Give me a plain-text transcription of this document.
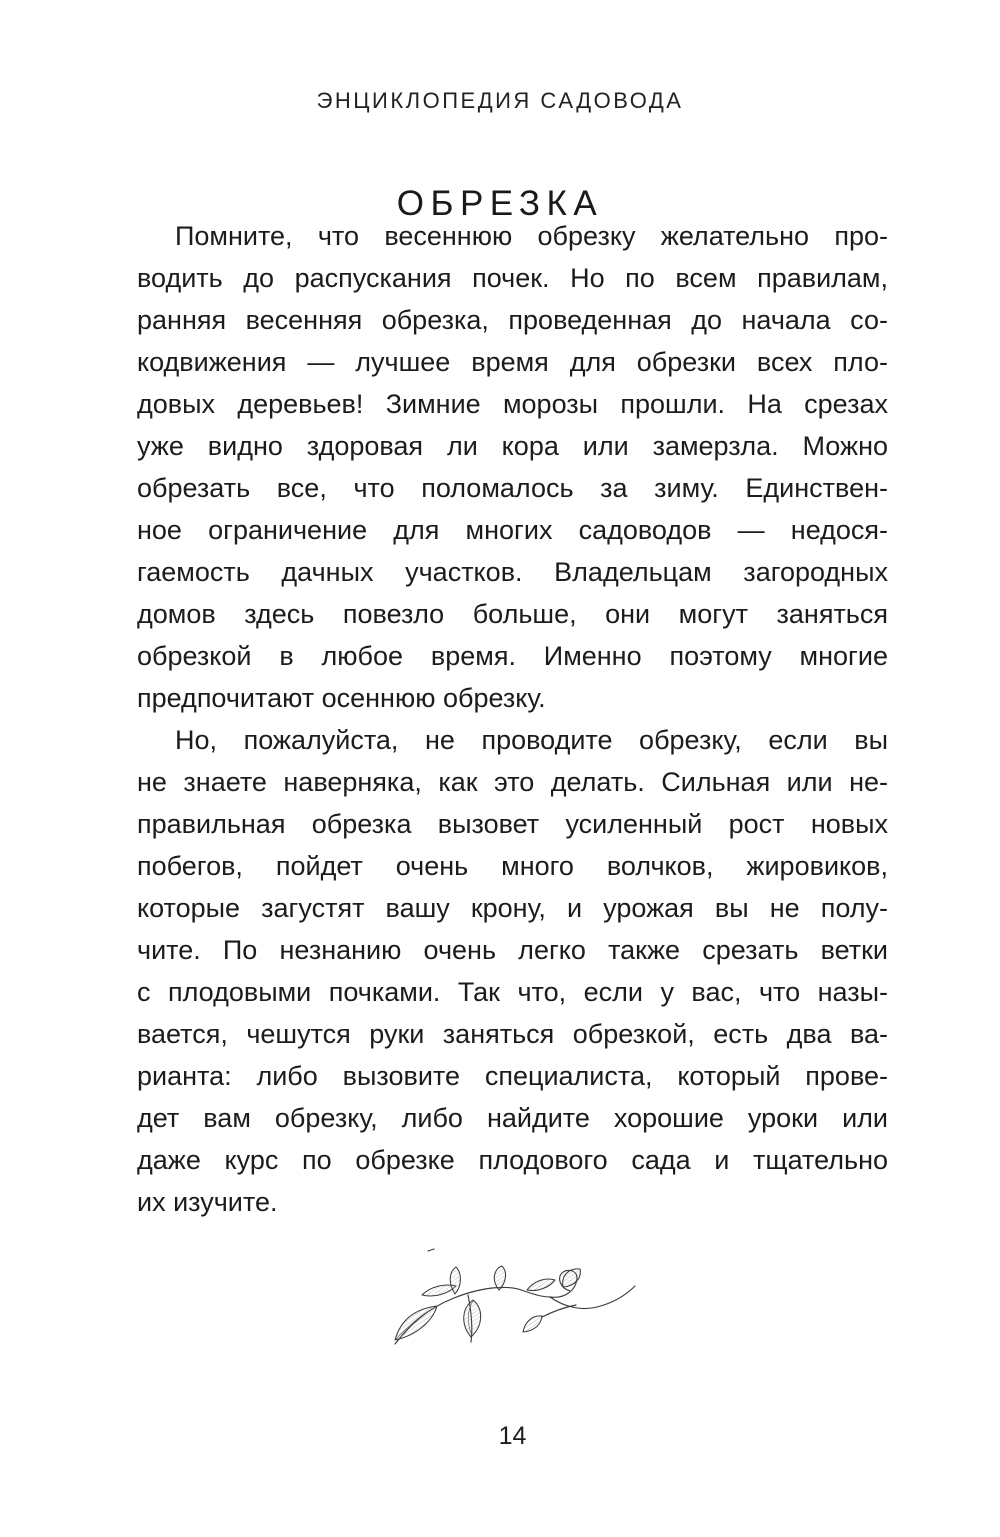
ЭНЦИКЛОПЕДИЯ САДОВОДА
ОБРЕЗКА
Помните, что весеннюю обрезку желательно про-
водить до распускания почек. Но по всем правилам,
ранняя весенняя обрезка, проведенная до начала со-
кодвижения — лучшее время для обрезки всех пло-
довых деревьев! Зимние морозы прошли. На срезах
уже видно здоровая ли кора или замерзла. Можно
обрезать все, что поломалось за зиму. Единствен-
ное ограничение для многих садоводов — недося-
гаемость дачных участков. Владельцам загородных
домов здесь повезло больше, они могут заняться
обрезкой в любое время. Именно поэтому многие
предпочитают осеннюю обрезку.
Но, пожалуйста, не проводите обрезку, если вы
не знаете наверняка, как это делать. Сильная или не-
правильная обрезка вызовет усиленный рост новых
побегов, пойдет очень много волчков, жировиков,
которые загустят вашу крону, и урожая вы не полу-
чите. По незнанию очень легко также срезать ветки
с плодовыми почками. Так что, если у вас, что назы-
вается, чешутся руки заняться обрезкой, есть два ва-
рианта: либо вызовите специалиста, который прове-
дет вам обрезку, либо найдите хорошие уроки или
даже курс по обрезке плодового сада и тщательно
их изучите.
14
